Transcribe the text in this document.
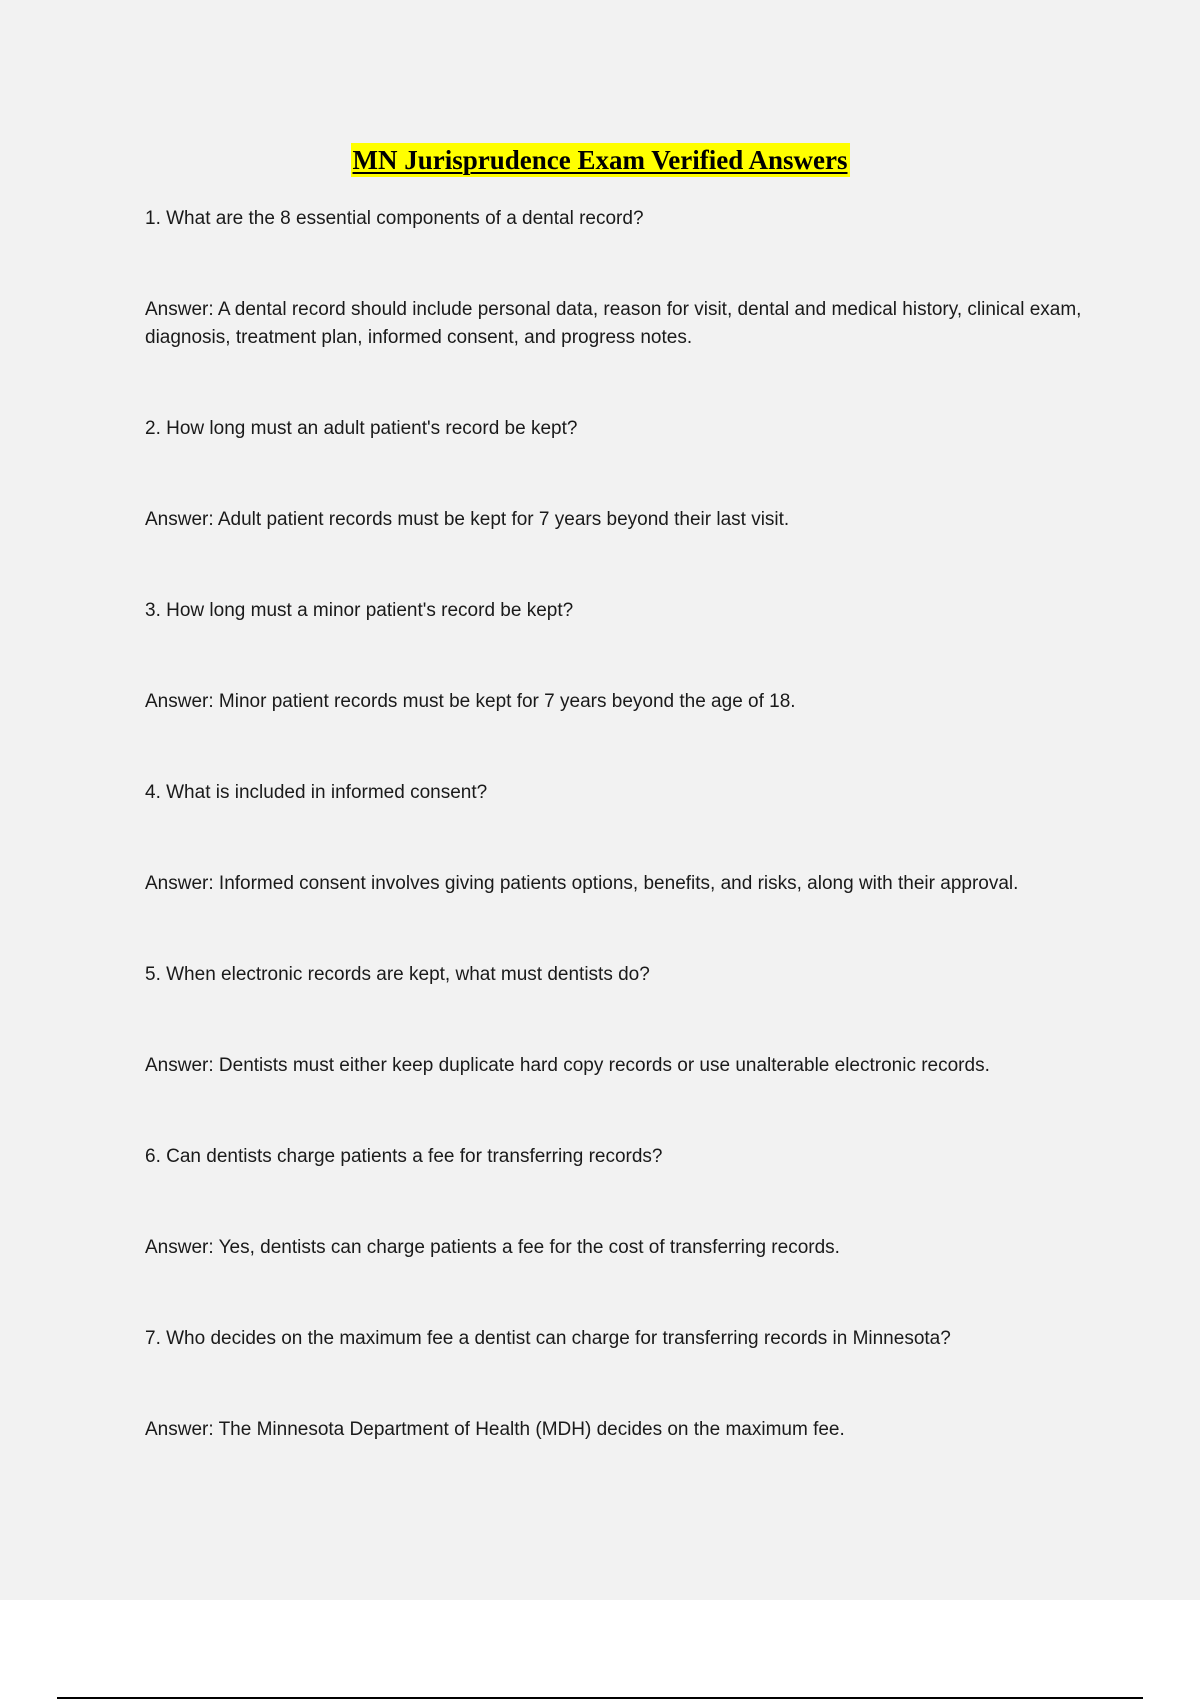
MN Jurisprudence Exam Verified Answers

1. What are the 8 essential components of a dental record?

Answer: A dental record should include personal data, reason for visit, dental and medical history, clinical exam, diagnosis, treatment plan, informed consent, and progress notes.

2. How long must an adult patient's record be kept?

Answer: Adult patient records must be kept for 7 years beyond their last visit.

3. How long must a minor patient's record be kept?

Answer: Minor patient records must be kept for 7 years beyond the age of 18.

4. What is included in informed consent?

Answer: Informed consent involves giving patients options, benefits, and risks, along with their approval.

5. When electronic records are kept, what must dentists do?

Answer: Dentists must either keep duplicate hard copy records or use unalterable electronic records.

6. Can dentists charge patients a fee for transferring records?

Answer: Yes, dentists can charge patients a fee for the cost of transferring records.

7. Who decides on the maximum fee a dentist can charge for transferring records in Minnesota?

Answer: The Minnesota Department of Health (MDH) decides on the maximum fee.
